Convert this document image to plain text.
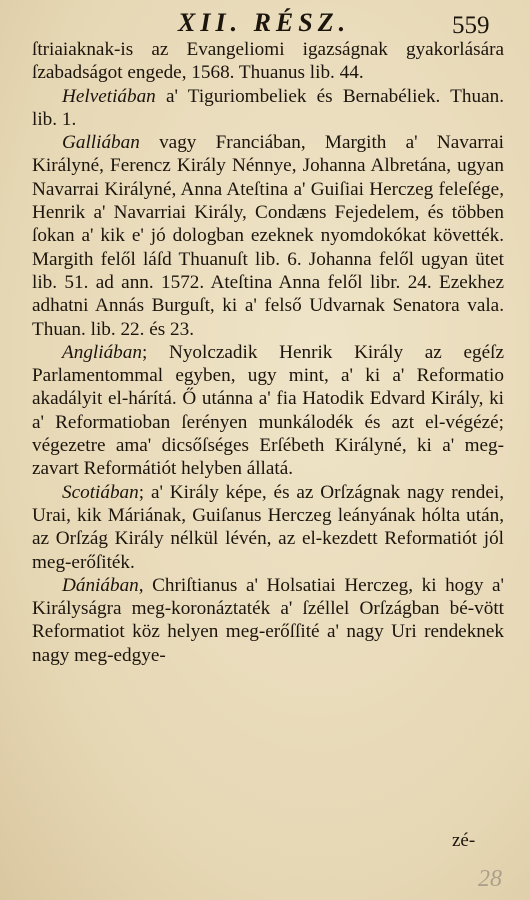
XII. RÉSZ.	559

ſtriaiaknak-is az Evangeliomi igazságnak gyakorlására ſzabadságot engede, 1568. Thuanus lib. 44.

Helvetiában a' Tiguriombeliek és Bernabéliek. Thuan. lib. 1.

Galliában vagy Franciában, Margith a' Navarrai Királyné, Ferencz Király Nénnye, Johanna Albretána, ugyan Navarrai Királyné, Anna Ateſtina a' Guiſiai Herczeg feleſége, Henrik a' Navarriai Király, Condæns Fejedelem, és többen ſokan a' kik e' jó dologban ezeknek nyomdokókat követték. Margith felől láſd Thuanuſt lib. 6. Johanna felől ugyan ütet lib. 51. ad ann. 1572. Ateſtina Anna felől libr. 24. Ezekhez adhatni Annás Burguſt, ki a' felső Udvarnak Senatora vala. Thuan. lib. 22. és 23.

Angliában; Nyolczadik Henrik Király az egéſz Parlamentommal egyben, ugy mint, a' ki a' Reformatio akadályit el-hárítá. Ő utánna a' fia Hatodik Edvard Király, ki a' Reformatioban ſerényen munkálodék és azt el-végézé; végezetre ama' dicsőſséges Erſébeth Királyné, ki a' meg-zavart Reformátiót helyben állatá.

Scotiában; a' Király képe, és az Orſzágnak nagy rendei, Urai, kik Máriának, Guiſanus Herczeg leányának hólta után, az Orſzág Király nélkül lévén, az el-kezdett Reformatiót jól meg-erőſiték.

Dániában, Chriſtianus a' Holsatiai Herczeg, ki hogy a' Királyságra meg-koronáztaték a' ſzéllel Orſzágban bé-vött Reformatiot köz helyen meg-erőſſité a' nagy Uri rendeknek nagy meg-edgye-

zé-
28
